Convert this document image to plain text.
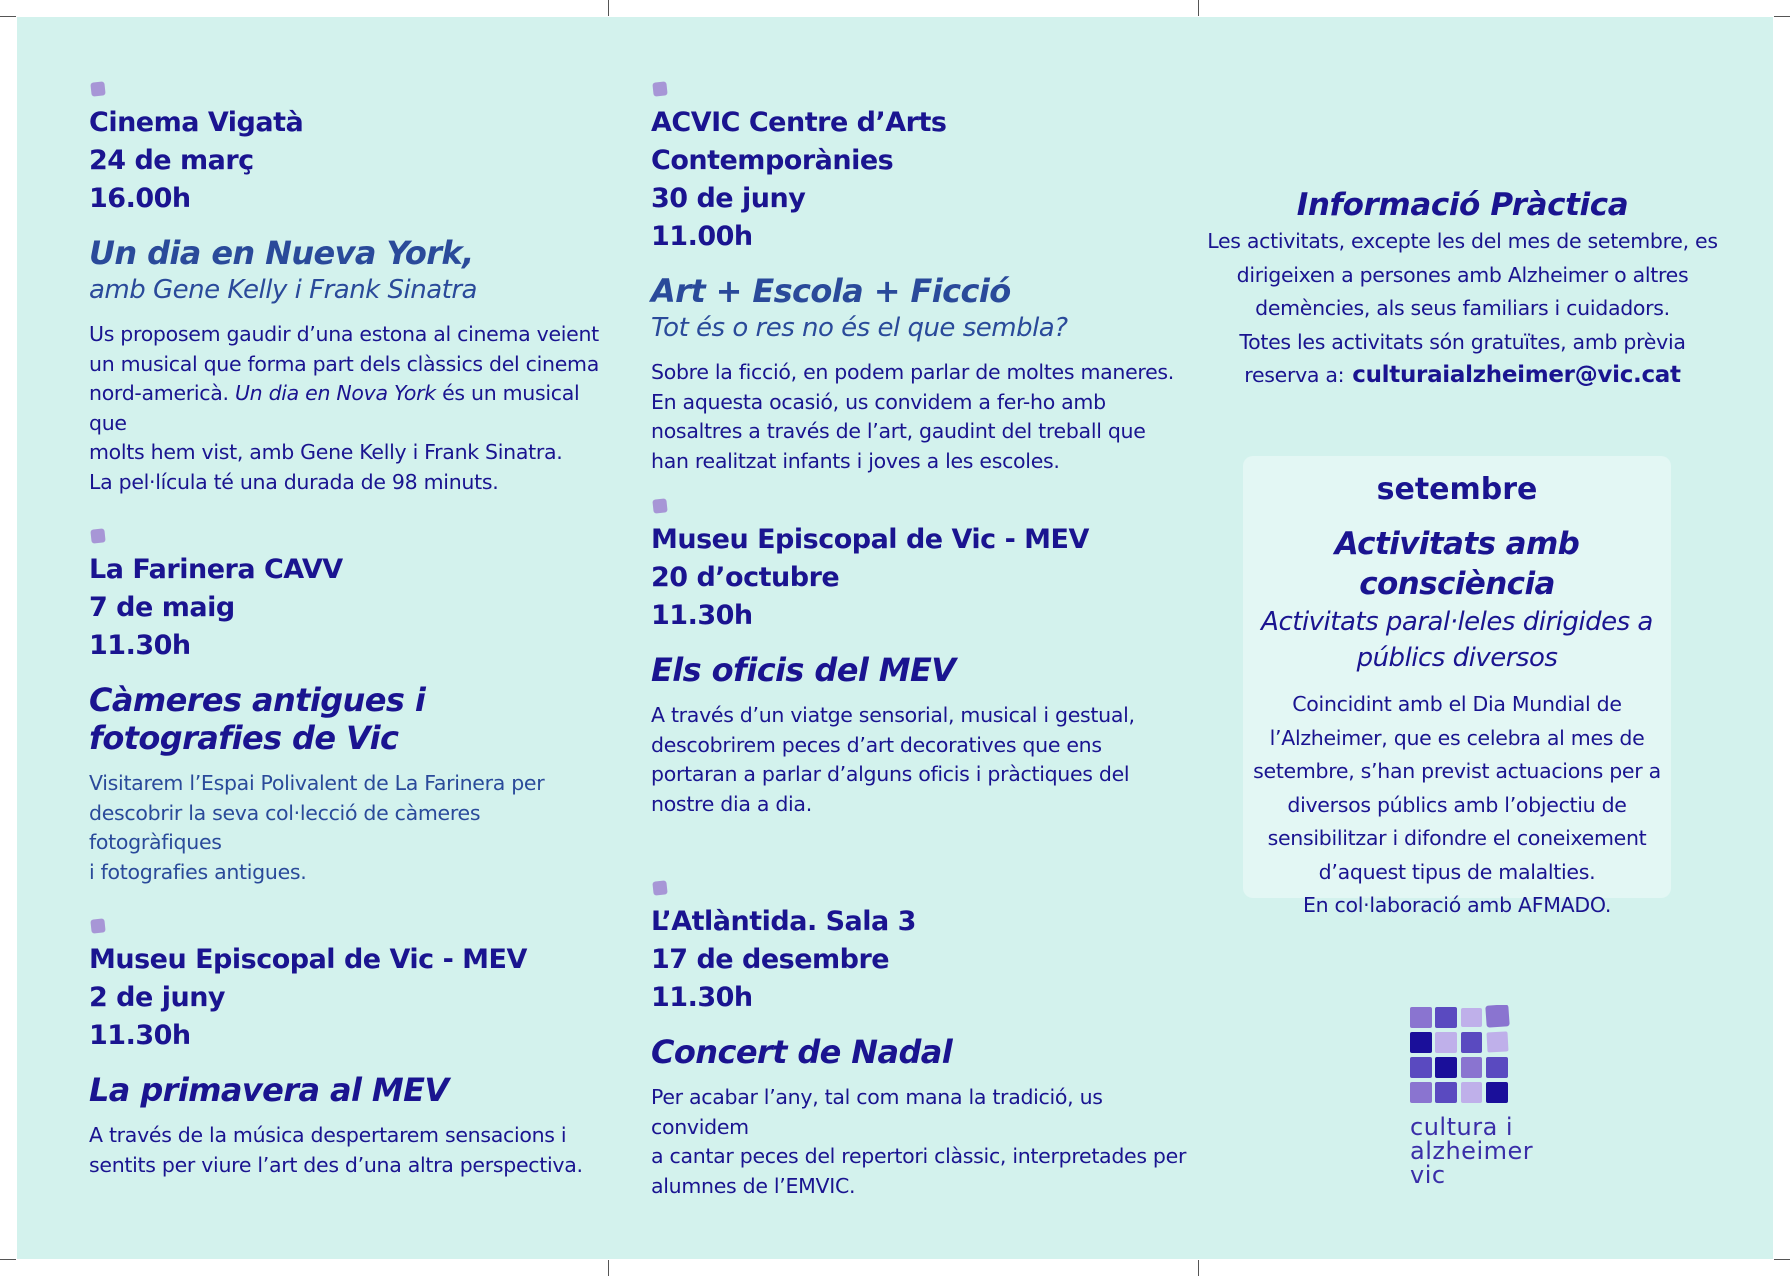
Cinema Vigatà
24 de març
16.00h
Un dia en Nueva York,
amb Gene Kelly i Frank Sinatra
Us proposem gaudir d’una estona al cinema veient
un musical que forma part dels clàssics del cinema
nord-americà. Un dia en Nova York és un musical que
molts hem vist, amb Gene Kelly i Frank Sinatra.
La pel·lícula té una durada de 98 minuts.
La Farinera CAVV
7 de maig
11.30h
Càmeres antigues i
fotografies de Vic
Visitarem l’Espai Polivalent de La Farinera per
descobrir la seva col·lecció de càmeres fotogràfiques
i fotografies antigues.
Museu Episcopal de Vic - MEV
2 de juny
11.30h
La primavera al MEV
A través de la música despertarem sensacions i
sentits per viure l’art des d’una altra perspectiva.
ACVIC Centre d’Arts Contemporànies
30 de juny
11.00h
Art + Escola + Ficció
Tot és o res no és el que sembla?
Sobre la ficció, en podem parlar de moltes maneres.
En aquesta ocasió, us convidem a fer-ho amb
nosaltres a través de l’art, gaudint del treball que
han realitzat infants i joves a les escoles.
Museu Episcopal de Vic - MEV
20 d’octubre
11.30h
Els oficis del MEV
A través d’un viatge sensorial, musical i gestual,
descobrirem peces d’art decoratives que ens
portaran a parlar d’alguns oficis i pràctiques del
nostre dia a dia.
L’Atlàntida. Sala 3
17 de desembre
11.30h
Concert de Nadal
Per acabar l’any, tal com mana la tradició, us convidem
a cantar peces del repertori clàssic, interpretades per
alumnes de l’EMVIC.
Informació Pràctica
Les activitats, excepte les del mes de setembre, es
dirigeixen a persones amb Alzheimer o altres
demències, als seus familiars i cuidadors.
Totes les activitats són gratuïtes, amb prèvia
reserva a: culturaialzheimer@vic.cat
setembre
Activitats amb consciència
Activitats paral·leles dirigides a
públics diversos
Coincidint amb el Dia Mundial de
l’Alzheimer, que es celebra al mes de
setembre, s’han previst actuacions per a
diversos públics amb l’objectiu de
sensibilitzar i difondre el coneixement
d’aquest tipus de malalties.
En col·laboració amb AFMADO.
cultura i
alzheimer
vic
